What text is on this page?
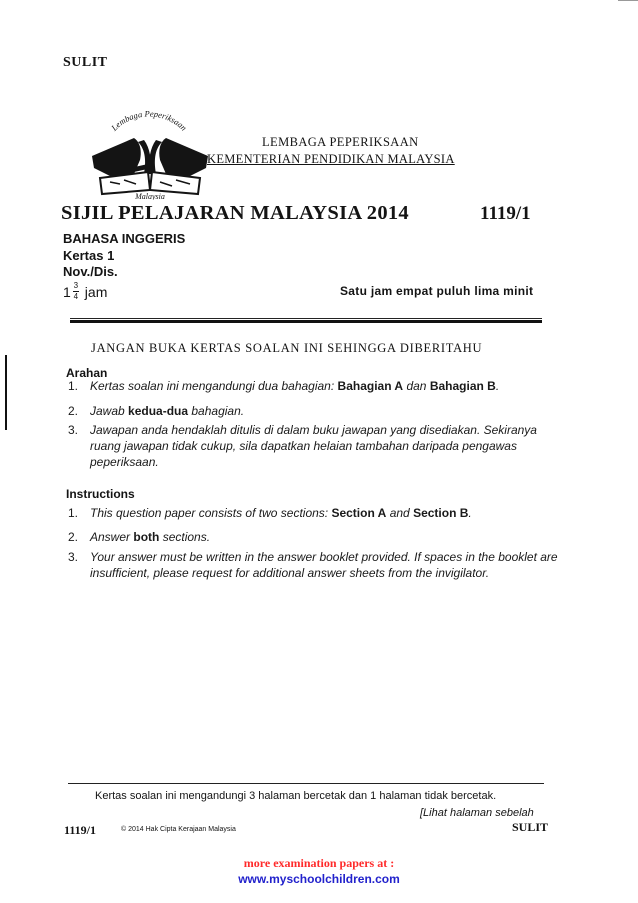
SULIT
Lembaga Peperiksaan
Malaysia
LEMBAGA PEPERIKSAAN
KEMENTERIAN PENDIDIKAN MALAYSIA
SIJIL PELAJARAN MALAYSIA 2014	1119/1
BAHASA INGGERIS
Kertas 1
Nov./Dis.
$1 \frac{3}{4}$ jam	Satu jam empat puluh lima minit
JANGAN BUKA KERTAS SOALAN INI SEHINGGA DIBERITAHU
Arahan
1. Kertas soalan ini mengandungi dua bahagian: Bahagian A dan Bahagian B.
2. Jawab kedua-dua bahagian.
3. Jawapan anda hendaklah ditulis di dalam buku jawapan yang disediakan. Sekiranya ruang jawapan tidak cukup, sila dapatkan helaian tambahan daripada pengawas peperiksaan.
Instructions
1. This question paper consists of two sections: Section A and Section B.
2. Answer both sections.
3. Your answer must be written in the answer booklet provided. If spaces in the booklet are insufficient, please request for additional answer sheets from the invigilator.
Kertas soalan ini mengandungi 3 halaman bercetak dan 1 halaman tidak bercetak.
[Lihat halaman sebelah
1119/1	© 2014 Hak Cipta Kerajaan Malaysia	SULIT
more examination papers at :
www.myschoolchildren.com
